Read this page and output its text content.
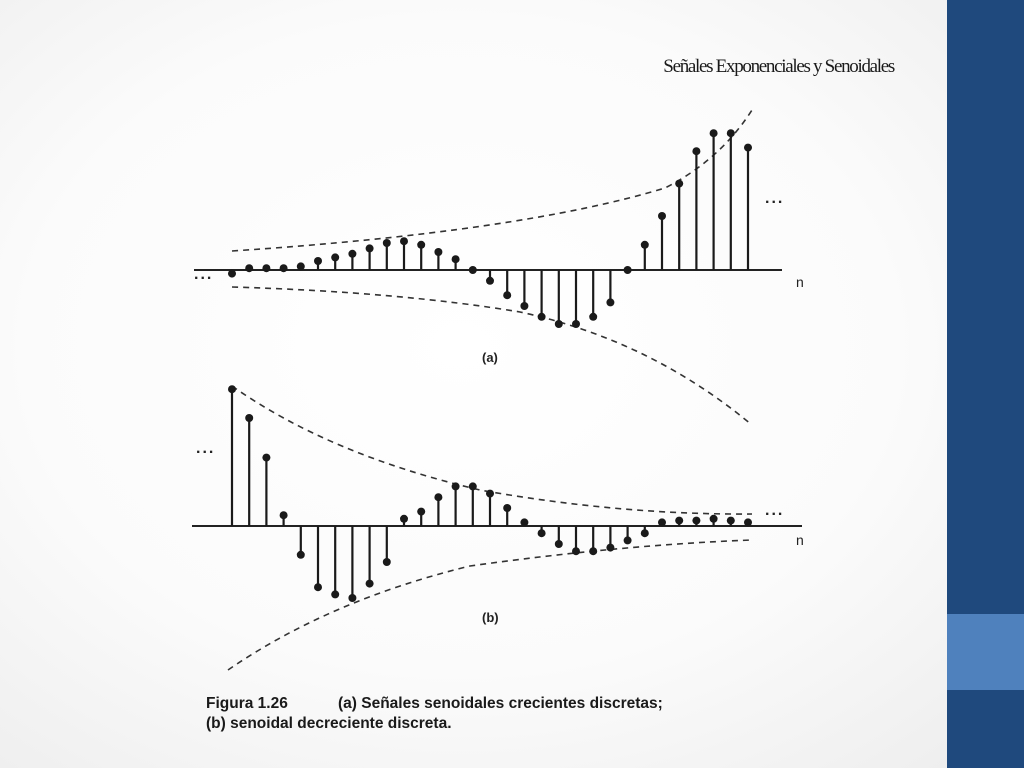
Señales Exponenciales y Senoidales
...
...
n
(a)
...
...
n
(b)
Figura 1.26	(a) Señales senoidales crecientes discretas;
(b) senoidal decreciente discreta.
